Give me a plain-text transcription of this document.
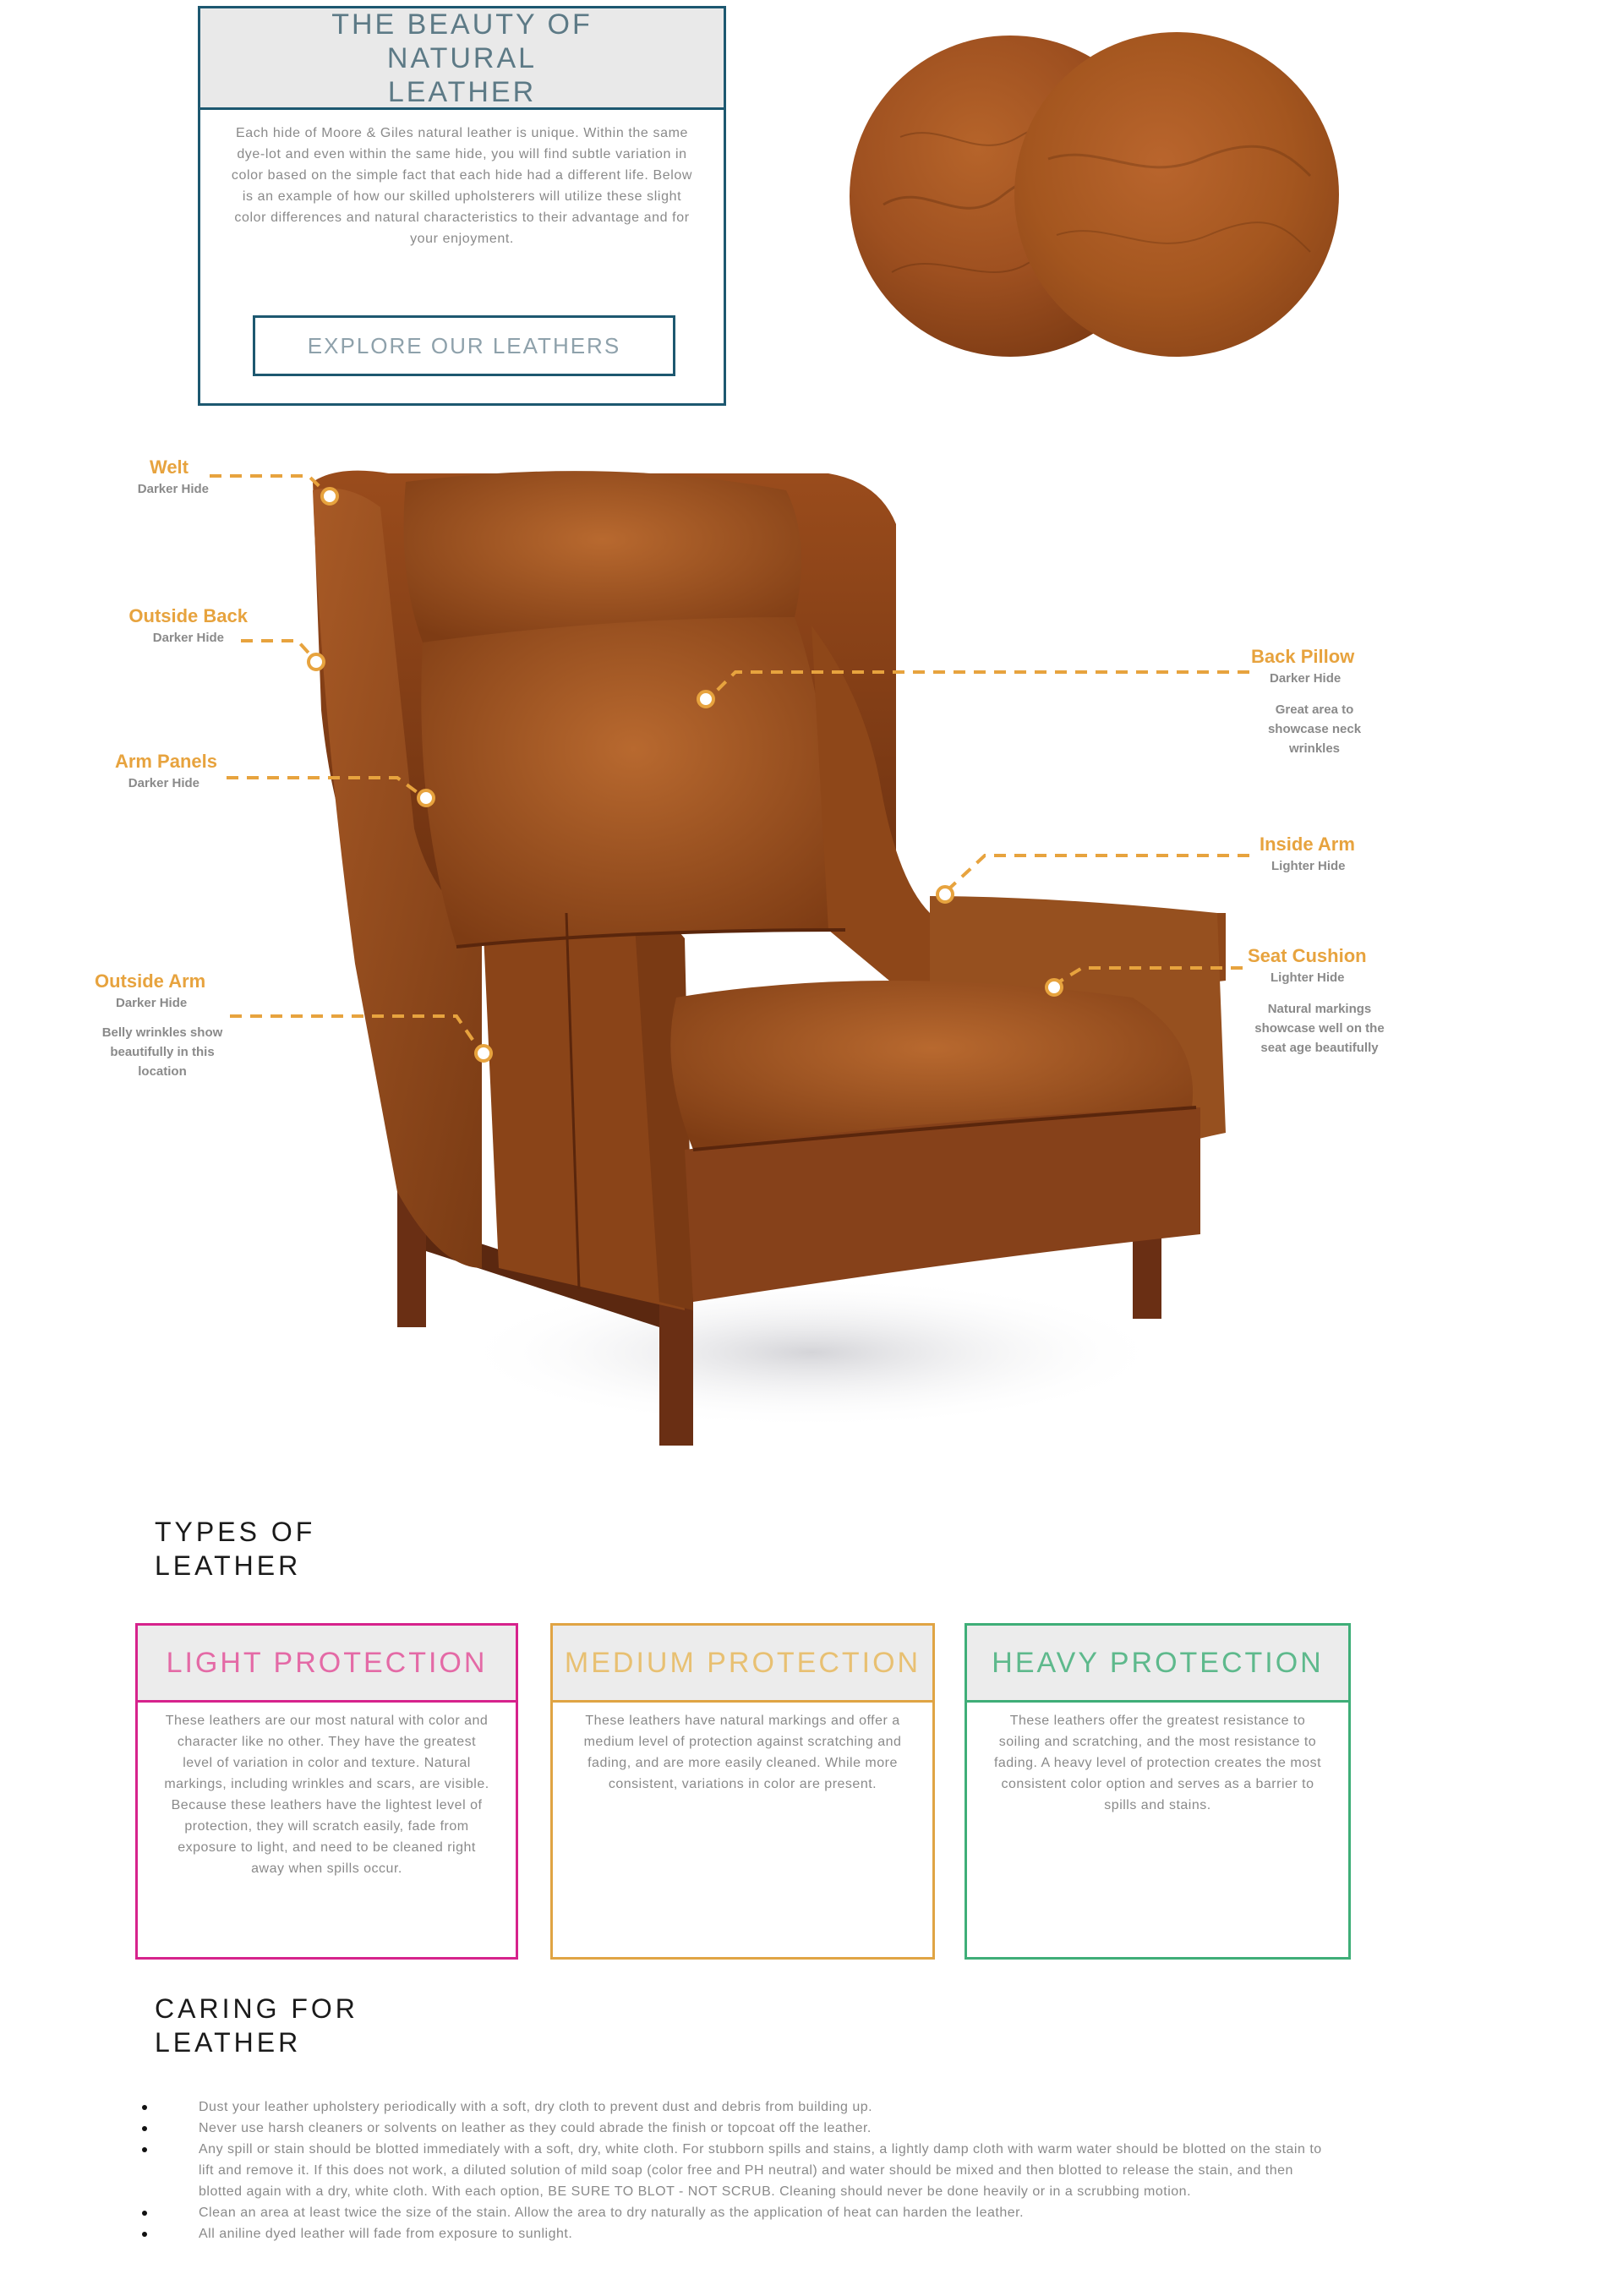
THE BEAUTY OF NATURAL LEATHER
Each hide of Moore & Giles natural leather is unique. Within the same dye-lot and even within the same hide, you will find subtle variation in color based on the simple fact that each hide had a different life. Below is an example of how our skilled upholsterers will utilize these slight color differences and natural characteristics to their advantage and for your enjoyment.
EXPLORE OUR LEATHERS
Welt
Darker Hide
Outside Back
Darker Hide
Arm Panels
Darker Hide
Outside Arm
Darker Hide
Belly wrinkles show beautifully in this location
Back Pillow
Darker Hide
Great area to showcase neck wrinkles
Inside Arm
Lighter Hide
Seat Cushion
Lighter Hide
Natural markings showcase well on the seat age beautifully
TYPES OF LEATHER
LIGHT PROTECTION
These leathers are our most natural with color and character like no other. They have the greatest level of variation in color and texture. Natural markings, including wrinkles and scars, are visible. Because these leathers have the lightest level of protection, they will scratch easily, fade from exposure to light, and need to be cleaned right away when spills occur.
MEDIUM PROTECTION
These leathers have natural markings and offer a medium level of protection against scratching and fading, and are more easily cleaned. While more consistent, variations in color are present.
HEAVY PROTECTION
These leathers offer the greatest resistance to soiling and scratching, and the most resistance to fading. A heavy level of protection creates the most consistent color option and serves as a barrier to spills and stains.
CARING FOR LEATHER
Dust your leather upholstery periodically with a soft, dry cloth to prevent dust and debris from building up.
Never use harsh cleaners or solvents on leather as they could abrade the finish or topcoat off the leather.
Any spill or stain should be blotted immediately with a soft, dry, white cloth. For stubborn spills and stains, a lightly damp cloth with warm water should be blotted on the stain to lift and remove it. If this does not work, a diluted solution of mild soap (color free and PH neutral) and water should be mixed and then blotted to release the stain, and then blotted again with a dry, white cloth. With each option, BE SURE TO BLOT - NOT SCRUB. Cleaning should never be done heavily or in a scrubbing motion.
Clean an area at least twice the size of the stain. Allow the area to dry naturally as the application of heat can harden the leather.
All aniline dyed leather will fade from exposure to sunlight.
